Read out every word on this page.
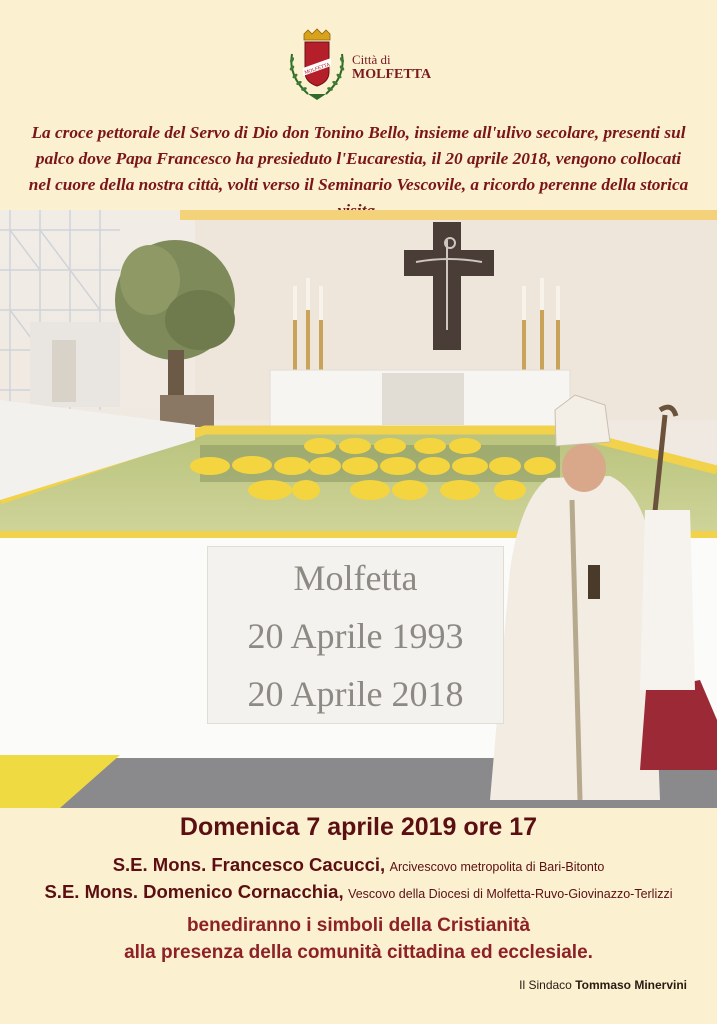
MOLFETTA
Città di
MOLFETTA

La croce pettorale del Servo di Dio don Tonino Bello, insieme all'ulivo secolare, presenti sul palco dove Papa Francesco ha presieduto l'Eucarestia, il 20 aprile 2018, vengono collocati nel cuore della nostra città, volti verso il Seminario Vescovile, a ricordo perenne della storica

Molfetta
20 Aprile 1993
20 Aprile 2018
Domenica 7 aprile 2019 ore 17
S.E. Mons. Francesco Cacucci, Arcivescovo metropolita di Bari-Bitonto
S.E. Mons. Domenico Cornacchia, Vescovo della Diocesi di Molfetta-Ruvo-Giovinazzo-Terlizzi
benediranno i simboli della Cristianità
alla presenza della comunità cittadina ed ecclesiale.
Il Sindaco Tommaso Minervini
